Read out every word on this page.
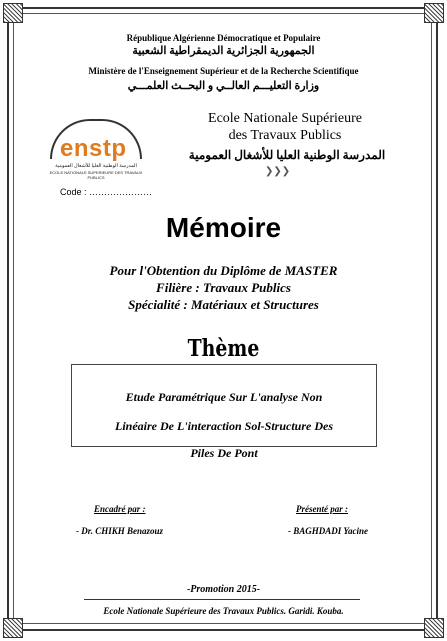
République Algérienne Démocratique et Populaire
الجمهورية الجزائرية الديمقراطية الشعبية
Ministère de l'Enseignement Supérieur et de la Recherche Scientifique
وزارة التعليـــم العالــي و البحــث العلمـــي
enstp
المدرسة الوطنية العليا للأشغال العمومية
ECOLE NATIONALE SUPERIEURE DES TRAVAUX PUBLICS
Ecole Nationale Supérieure
des Travaux Publics
المدرسة الوطنية العليا للأشغال العمومية
❯❯❯
Code : …………………
Mémoire
Pour l'Obtention du Diplôme de MASTER
Filière : Travaux Publics
Spécialité : Matériaux et Structures
Thème
Etude Paramétrique Sur L'analyse Non
Linéaire De L'interaction Sol-Structure Des
Piles De Pont
Encadré par :	Présenté par :
- Dr. CHIKH Benazouz	- BAGHDADI Yacine
-Promotion 2015-
Ecole Nationale Supérieure des Travaux Publics. Garidi. Kouba.
